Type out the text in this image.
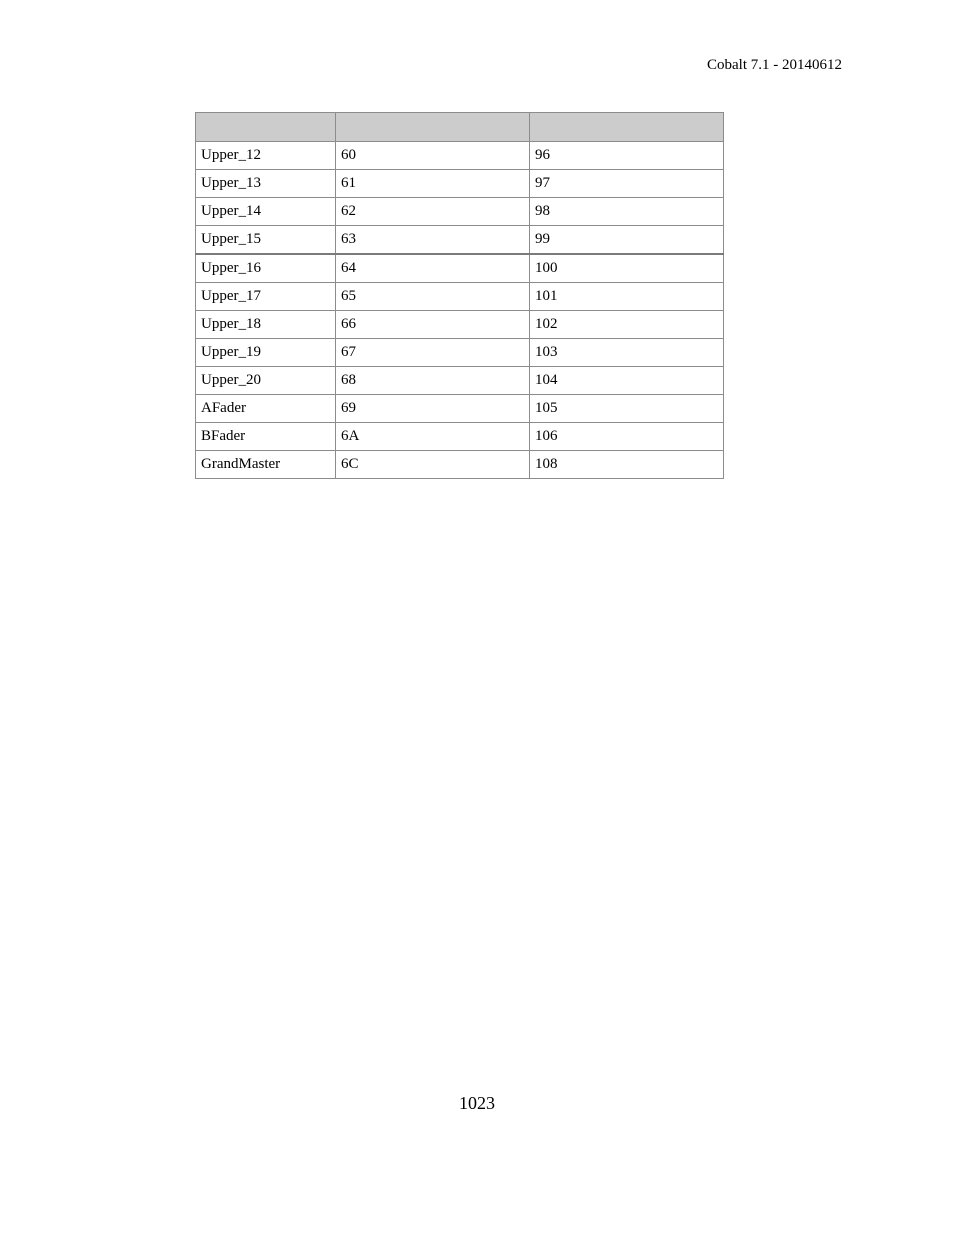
Cobalt 7.1 - 20140612

Upper_12	60	96
Upper_13	61	97
Upper_14	62	98
Upper_15	63	99
Upper_16	64	100
Upper_17	65	101
Upper_18	66	102
Upper_19	67	103
Upper_20	68	104
AFader	69	105
BFader	6A	106
GrandMaster	6C	108
1023
